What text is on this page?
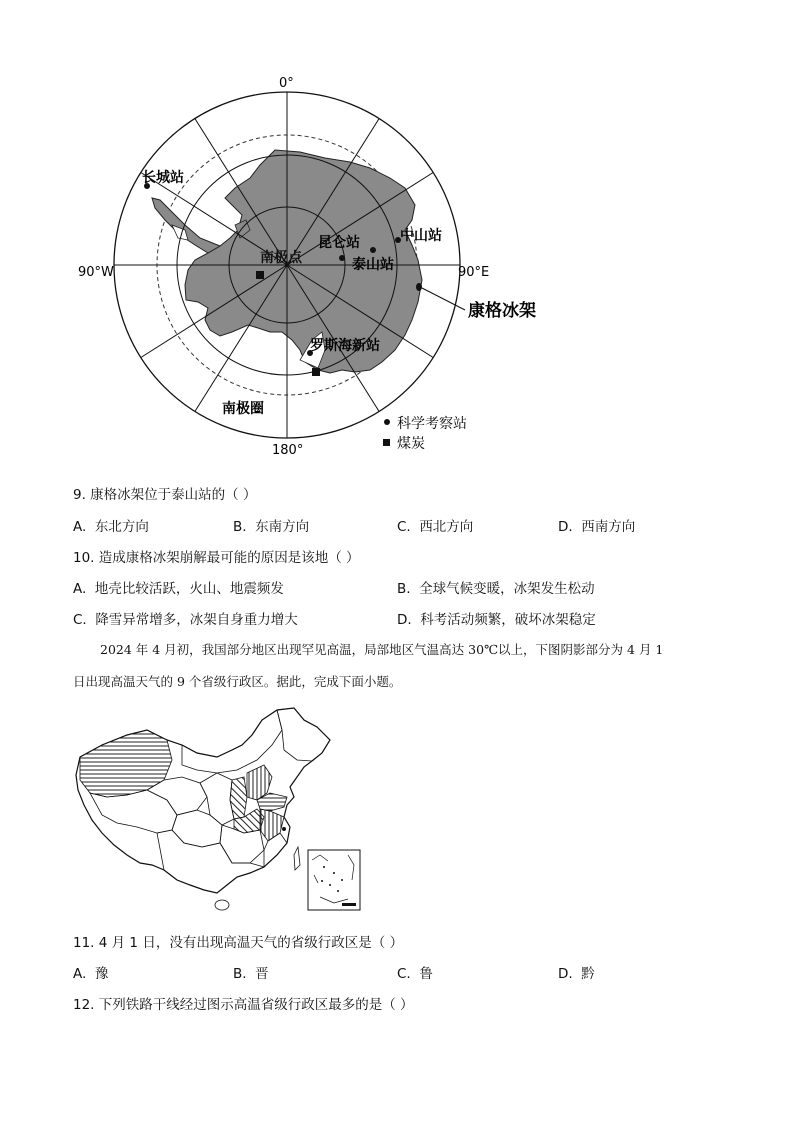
0°
180°
90°W	90°E
长城站
南极点
昆仑站	中山站
泰山站
罗斯海新站
康格冰架
南极圈
科学考察站
煤炭
9. 康格冰架位于泰山站的（ ）
A. 东北方向	B. 东南方向	C. 西北方向	D. 西南方向
10. 造成康格冰架崩解最可能的原因是该地（ ）
A. 地壳比较活跃，火山、地震频发	B. 全球气候变暖，冰架发生松动
C. 降雪异常增多，冰架自身重力增大	D. 科考活动频繁，破坏冰架稳定
2024 年 4 月初，我国部分地区出现罕见高温，局部地区气温高达 30℃以上，下图阴影部分为 4 月 1
日出现高温天气的 9 个省级行政区。据此，完成下面小题。
11. 4 月 1 日，没有出现高温天气的省级行政区是（ ）
A. 豫	B. 晋	C. 鲁	D. 黔
12. 下列铁路干线经过图示高温省级行政区最多的是（ ）
